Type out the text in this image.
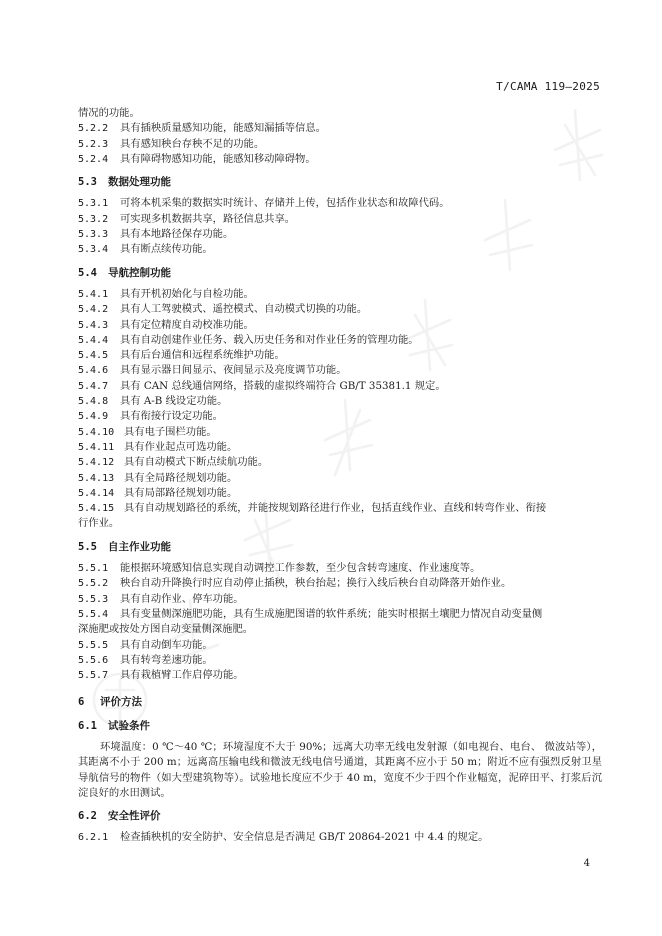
T/CAMA 119—2025
情况的功能。
5.2.2 具有插秧质量感知功能，能感知漏插等信息。
5.2.3 具有感知秧台存秧不足的功能。
5.2.4 具有障碍物感知功能，能感知移动障碍物。
5.3 数据处理功能
5.3.1 可将本机采集的数据实时统计、存储并上传，包括作业状态和故障代码。
5.3.2 可实现多机数据共享，路径信息共享。
5.3.3 具有本地路径保存功能。
5.3.4 具有断点续传功能。
5.4 导航控制功能
5.4.1 具有开机初始化与自检功能。
5.4.2 具有人工驾驶模式、遥控模式、自动模式切换的功能。
5.4.3 具有定位精度自动校准功能。
5.4.4 具有自动创建作业任务、载入历史任务和对作业任务的管理功能。
5.4.5 具有后台通信和远程系统维护功能。
5.4.6 具有显示器日间显示、夜间显示及亮度调节功能。
5.4.7 具有 CAN 总线通信网络，搭载的虚拟终端符合 GB/T 35381.1 规定。
5.4.8 具有 A-B 线设定功能。
5.4.9 具有衔接行设定功能。
5.4.10 具有电子围栏功能。
5.4.11 具有作业起点可选功能。
5.4.12 具有自动模式下断点续航功能。
5.4.13 具有全局路径规划功能。
5.4.14 具有局部路径规划功能。
5.4.15 具有自动规划路径的系统，并能按规划路径进行作业，包括直线作业、直线和转弯作业、衔接
行作业。
5.5 自主作业功能
5.5.1 能根据环境感知信息实现自动调控工作参数，至少包含转弯速度、作业速度等。
5.5.2 秧台自动升降换行时应自动停止插秧，秧台抬起；换行入线后秧台自动降落开始作业。
5.5.3 具有自动作业、停车功能。
5.5.4 具有变量侧深施肥功能，具有生成施肥图谱的软件系统；能实时根据土壤肥力情况自动变量侧
深施肥或按处方图自动变量侧深施肥。
5.5.5 具有自动倒车功能。
5.5.6 具有转弯差速功能。
5.5.7 具有栽植臂工作启停功能。
6 评价方法
6.1 试验条件
环境温度：0 ℃～40 ℃；环境湿度不大于 90%；远离大功率无线电发射源（如电视台、电台、 微波站等），其距离不小于 200 m；远离高压输电线和微波无线电信号通道，其距离不应小于 50 m；附近不应有强烈反射卫星导航信号的物件（如大型建筑物等）。试验地长度应不少于 40 m，宽度不少于四个作业幅宽，泥碎田平、打浆后沉淀良好的水田测试。
6.2 安全性评价
6.2.1 检查插秧机的安全防护、安全信息是否满足 GB/T 20864-2021 中 4.4 的规定。
4
